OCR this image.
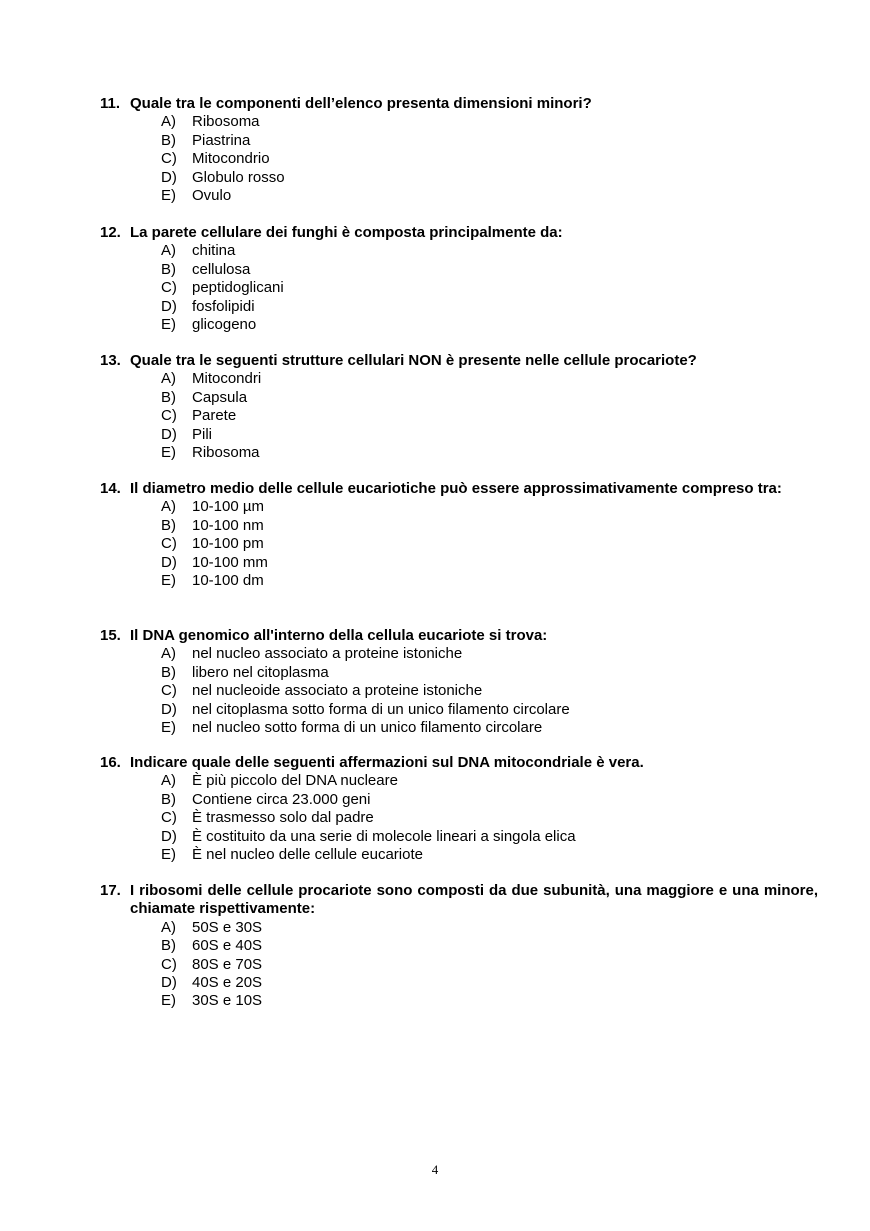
11. Quale tra le componenti dell’elenco presenta dimensioni minori?
A)	Ribosoma
B)	Piastrina
C)	Mitocondrio
D)	Globulo rosso
E)	Ovulo
12. La parete cellulare dei funghi è composta principalmente da:
A)	chitina
B)	cellulosa
C)	peptidoglicani
D)	fosfolipidi
E)	glicogeno
13. Quale tra le seguenti strutture cellulari NON è presente nelle cellule procariote?
A)	Mitocondri
B)	Capsula
C)	Parete
D)	Pili
E)	Ribosoma
14. Il diametro medio delle cellule eucariotiche può essere approssimativamente compreso tra:
A)	10-100 µm
B)	10-100 nm
C)	10-100 pm
D)	10-100 mm
E)	10-100 dm
15. Il DNA genomico all'interno della cellula eucariote si trova:
A)	nel nucleo associato a proteine istoniche
B)	libero nel citoplasma
C)	nel nucleoide associato a proteine istoniche
D)	nel citoplasma sotto forma di un unico filamento circolare
E)	nel nucleo sotto forma di un unico filamento circolare
16. Indicare quale delle seguenti affermazioni sul DNA mitocondriale è vera.
A)	È più piccolo del DNA nucleare
B)	Contiene circa 23.000 geni
C)	È trasmesso solo dal padre
D)	È costituito da una serie di molecole lineari a singola elica
E)	È nel nucleo delle cellule eucariote
17. I ribosomi delle cellule procariote sono composti da due subunità, una maggiore e una minore, chiamate rispettivamente:
A)	50S e 30S
B)	60S e 40S
C)	80S e 70S
D)	40S e 20S
E)	30S e 10S
4
